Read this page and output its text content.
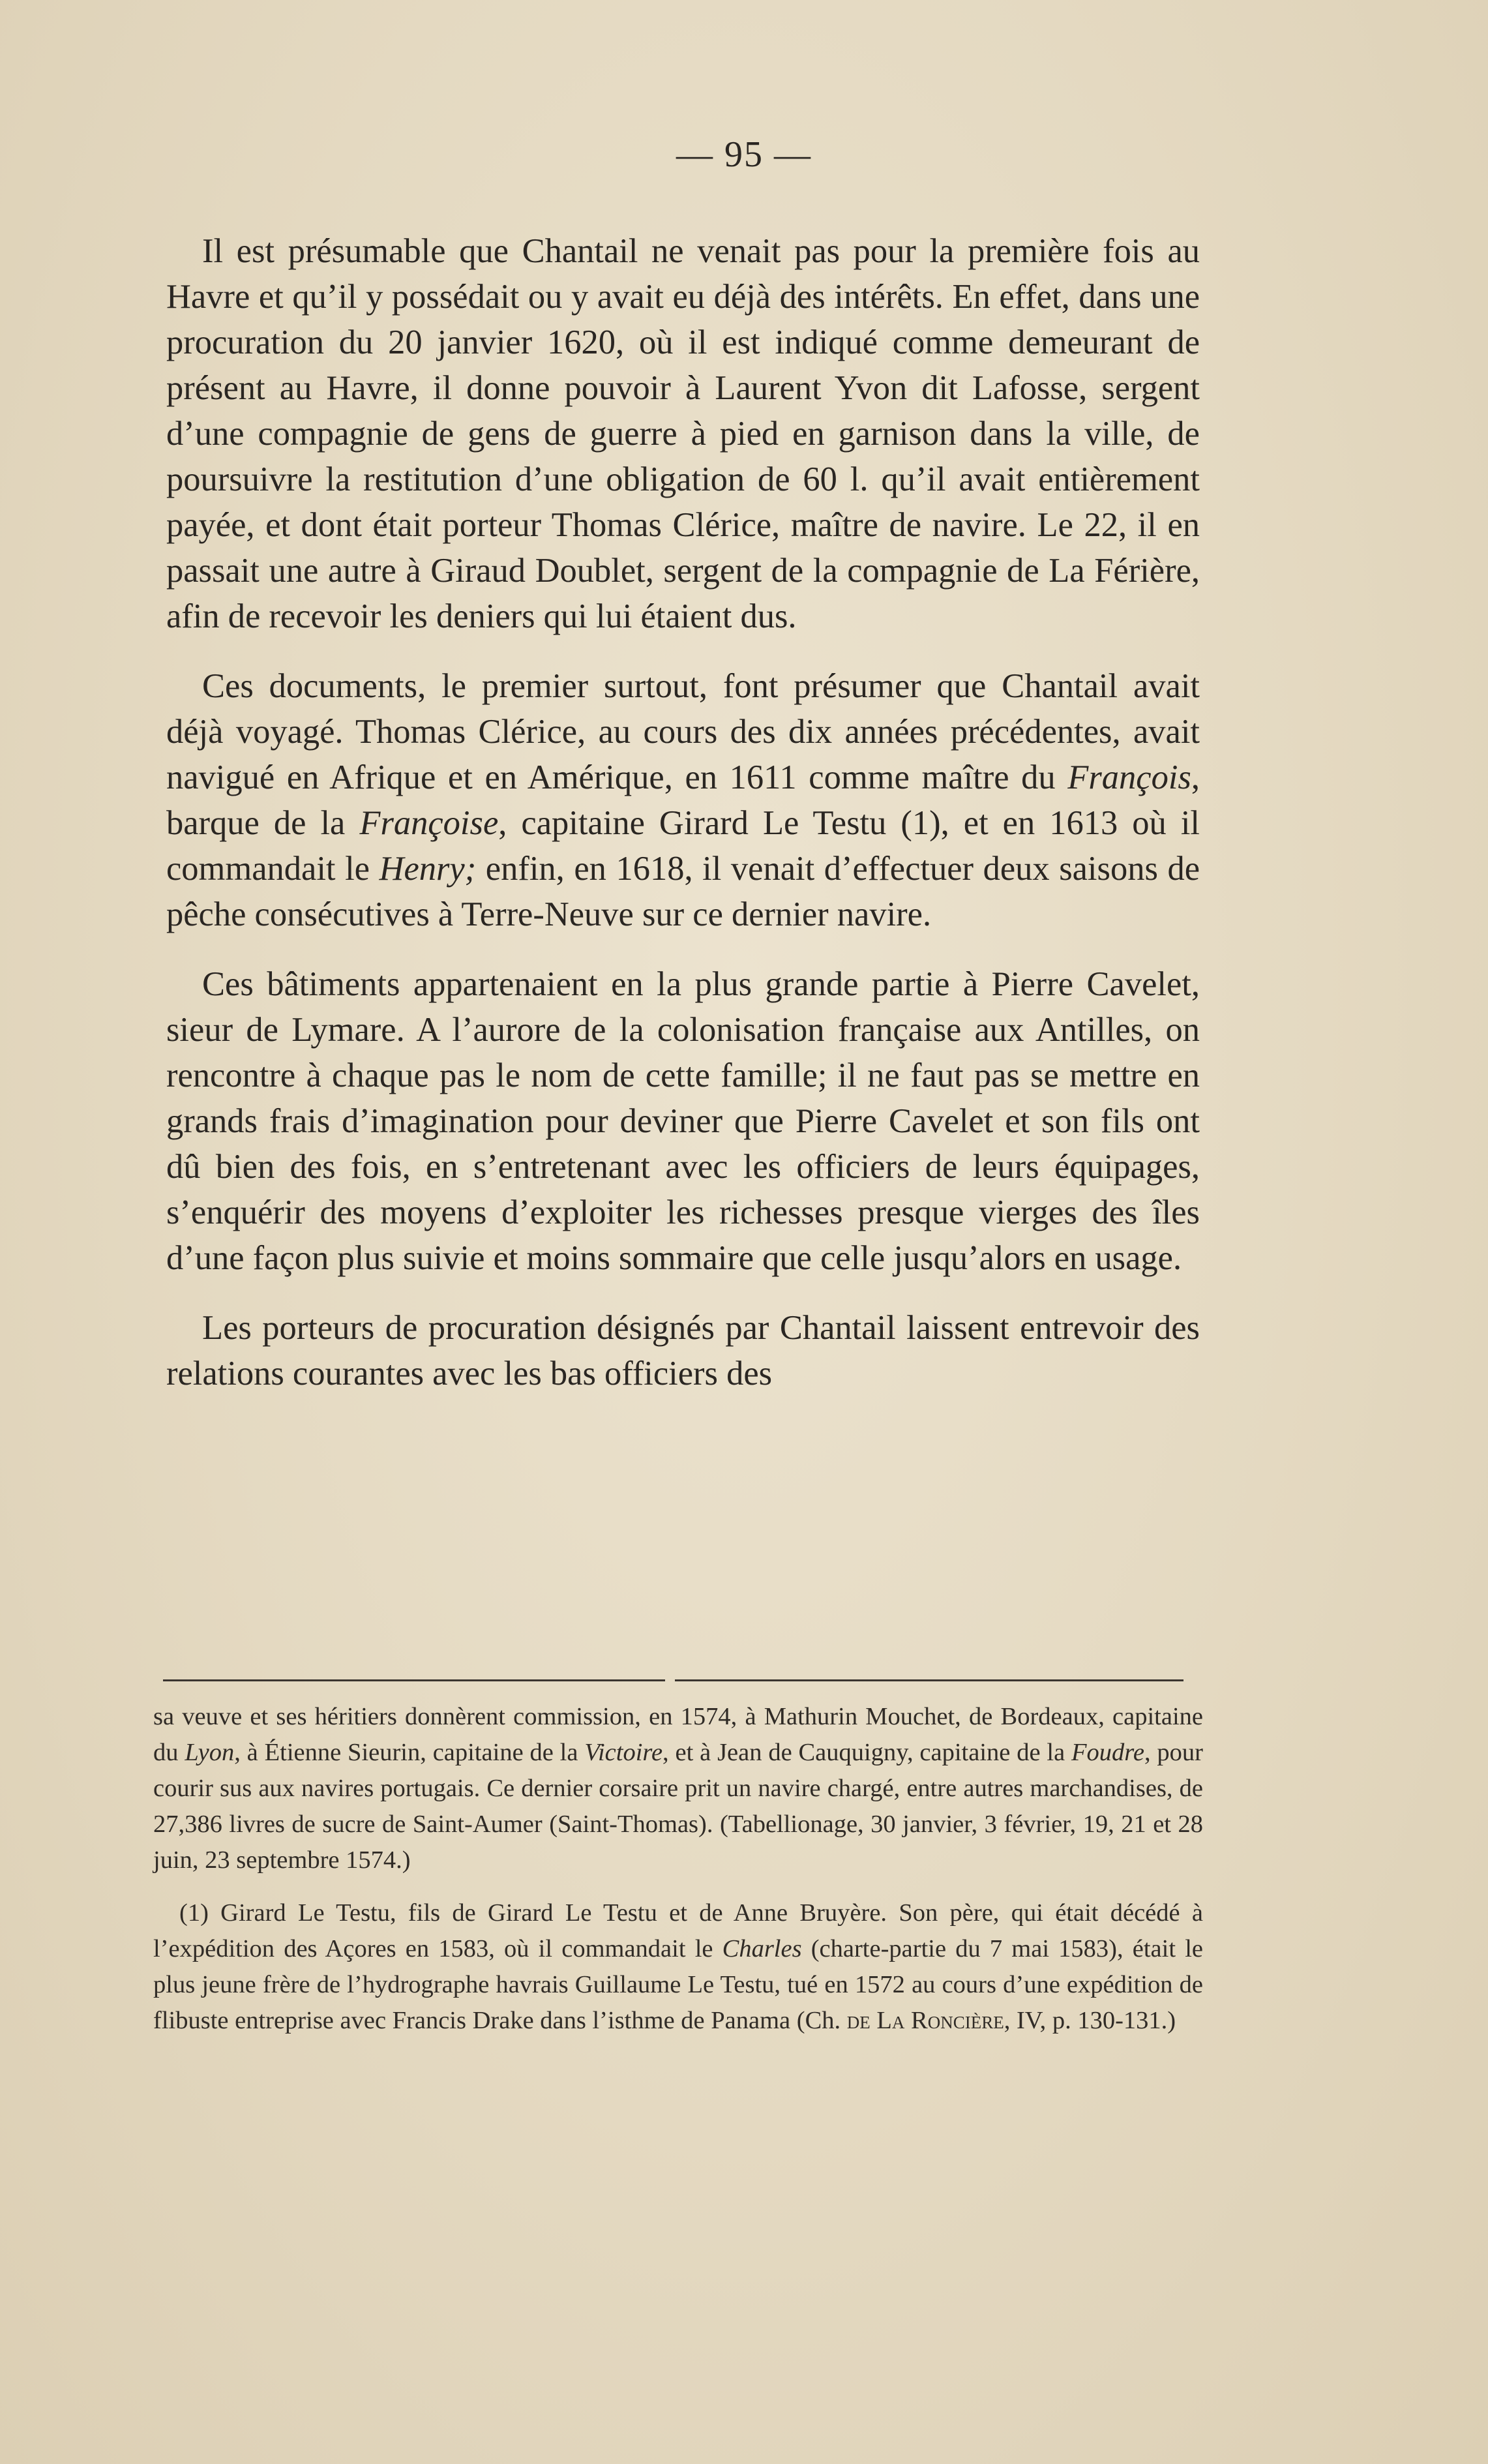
— 95 —

Il est présumable que Chantail ne venait pas pour la première fois au Havre et qu’il y possédait ou y avait eu déjà des intérêts. En effet, dans une procuration du 20 janvier 1620, où il est indiqué comme demeurant de présent au Havre, il donne pouvoir à Laurent Yvon dit Lafosse, sergent d’une compagnie de gens de guerre à pied en garnison dans la ville, de poursuivre la restitution d’une obligation de 60 l. qu’il avait entièrement payée, et dont était porteur Thomas Clérice, maître de navire. Le 22, il en passait une autre à Giraud Doublet, sergent de la compagnie de La Férière, afin de recevoir les deniers qui lui étaient dus.

Ces documents, le premier surtout, font présumer que Chantail avait déjà voyagé. Thomas Clérice, au cours des dix années précédentes, avait navigué en Afrique et en Amérique, en 1611 comme maître du François, barque de la Françoise, capitaine Girard Le Testu (1), et en 1613 où il commandait le Henry; enfin, en 1618, il venait d’effectuer deux saisons de pêche consécutives à Terre-Neuve sur ce dernier navire.

Ces bâtiments appartenaient en la plus grande partie à Pierre Cavelet, sieur de Lymare. A l’aurore de la colonisation française aux Antilles, on rencontre à chaque pas le nom de cette famille; il ne faut pas se mettre en grands frais d’imagination pour deviner que Pierre Cavelet et son fils ont dû bien des fois, en s’entretenant avec les officiers de leurs équipages, s’enquérir des moyens d’exploiter les richesses presque vierges des îles d’une façon plus suivie et moins sommaire que celle jusqu’alors en usage.

Les porteurs de procuration désignés par Chantail laissent entrevoir des relations courantes avec les bas officiers des

sa veuve et ses héritiers donnèrent commission, en 1574, à Mathurin Mouchet, de Bordeaux, capitaine du Lyon, à Étienne Sieurin, capitaine de la Victoire, et à Jean de Cauquigny, capitaine de la Foudre, pour courir sus aux navires portugais. Ce dernier corsaire prit un navire chargé, entre autres marchandises, de 27,386 livres de sucre de Saint-Aumer (Saint-Thomas). (Tabellionage, 30 janvier, 3 février, 19, 21 et 28 juin, 23 septembre 1574.)

(1) Girard Le Testu, fils de Girard Le Testu et de Anne Bruyère. Son père, qui était décédé à l’expédition des Açores en 1583, où il commandait le Charles (charte-partie du 7 mai 1583), était le plus jeune frère de l’hydrographe havrais Guillaume Le Testu, tué en 1572 au cours d’une expédition de flibuste entreprise avec Francis Drake dans l’isthme de Panama (Ch. de La Roncière, IV, p. 130-131.)
